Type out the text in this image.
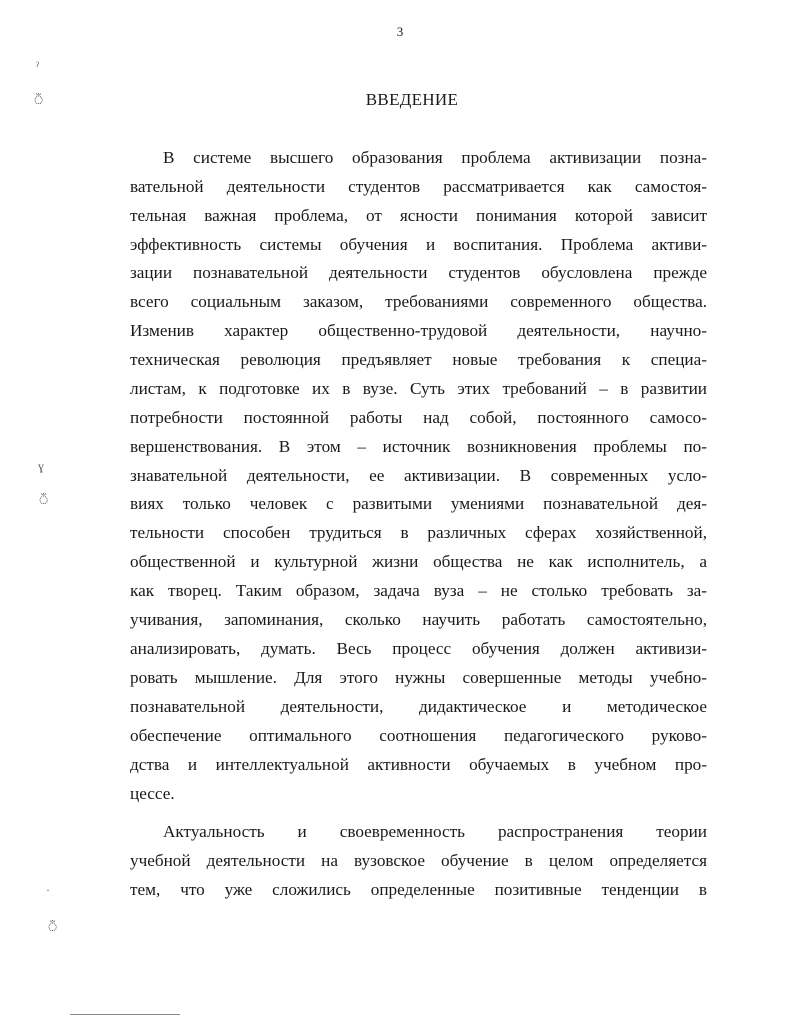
3
ВВЕДЕНИЕ
В системе высшего образования проблема активизации позна-
вательной деятельности студентов рассматривается как самостоя-
тельная важная проблема, от ясности понимания которой зависит
эффективность системы обучения и воспитания. Проблема активи-
зации познавательной деятельности студентов обусловлена прежде
всего социальным заказом, требованиями современного общества.
Изменив характер общественно-трудовой деятельности, научно-
техническая революция предъявляет новые требования к специа-
листам, к подготовке их в вузе. Суть этих требований – в развитии
потребности постоянной работы над собой, постоянного самосо-
вершенствования. В этом – источник возникновения проблемы по-
знавательной деятельности, ее активизации. В современных усло-
виях только человек с развитыми умениями познавательной дея-
тельности способен трудиться в различных сферах хозяйственной,
общественной и культурной жизни общества не как исполнитель, а
как творец. Таким образом, задача вуза – не столько требовать за-
учивания, запоминания, сколько научить работать самостоятельно,
анализировать, думать. Весь процесс обучения должен активизи-
ровать мышление. Для этого нужны совершенные методы учебно-
познавательной деятельности, дидактическое и методическое
обеспечение оптимального соотношения педагогического руково-
дства и интеллектуальной активности обучаемых в учебном про-
цессе.
Актуальность и своевременность распространения теории
учебной деятельности на вузовское обучение в целом определяется
тем, что уже сложились определенные позитивные тенденции в
ˀ
ঁ
ɣ
ঁ
·
ঁ
